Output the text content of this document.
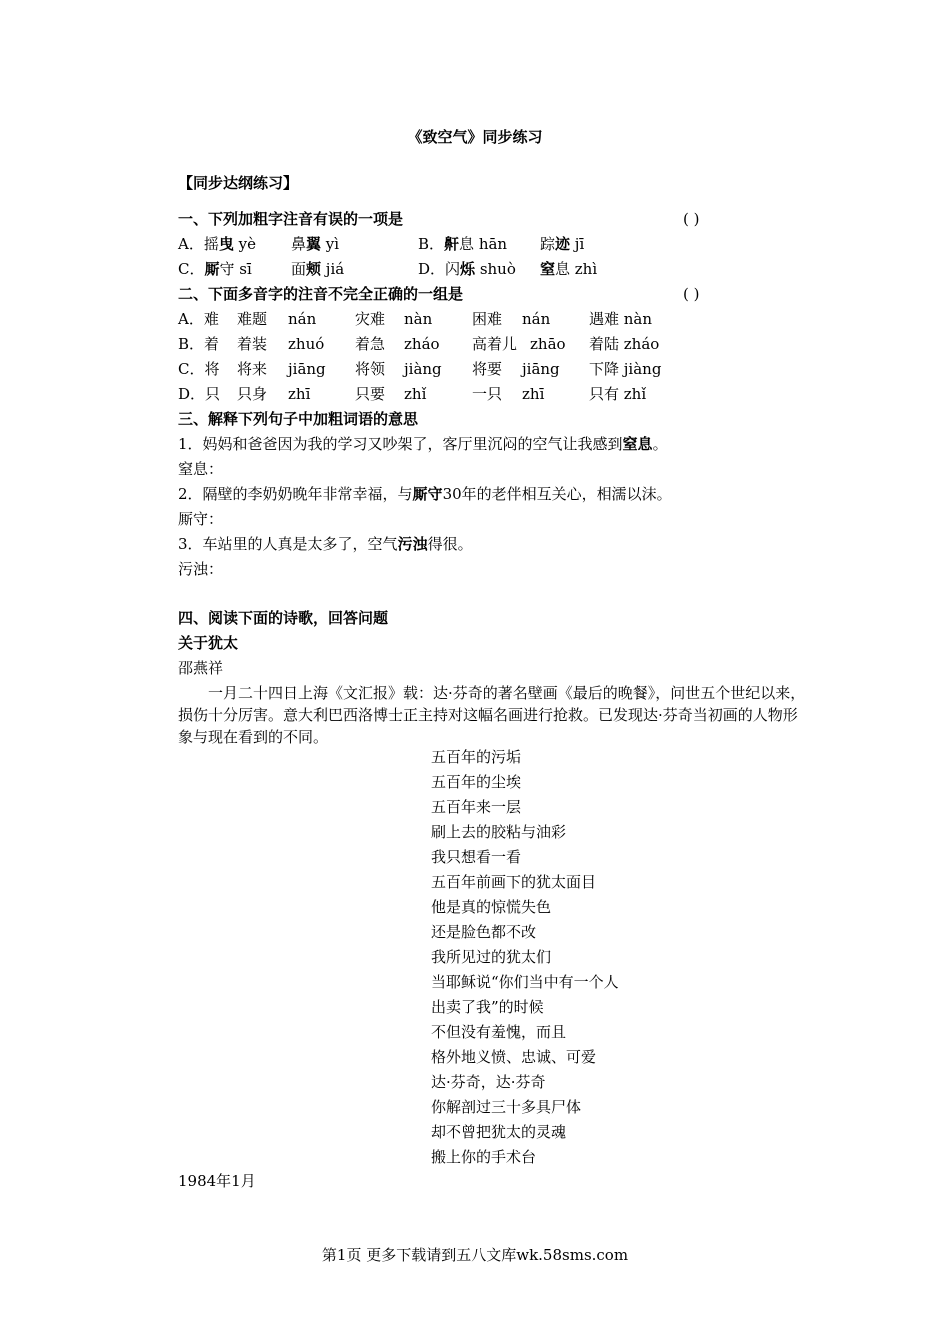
《致空气》同步练习
【同步达纲练习】
一、下列加粗字注音有误的一项是	( )
A．摇曳 yè 鼻翼 yì	B．鼾息 hān 踪迹 jī
C．厮守 sī	面颊 jiá	D．闪烁 shuò 窒息 zhì
二、下面多音字的注音不完全正确的一组是	( )
A．难 难题 nán	灾难 nàn	困难 nán	遇难 nàn
B．着 着装 zhuó 着急 zháo 高着儿 zhāo 着陆 zháo
C．将 将来 jiāng 将领 jiàng 将要 jiāng 下降 jiàng
D．只 只身 zhī	只要 zhǐ	一只 zhī	只有 zhǐ
三、解释下列句子中加粗词语的意思
1．妈妈和爸爸因为我的学习又吵架了，客厅里沉闷的空气让我感到窒息。
窒息：
2．隔壁的李奶奶晚年非常幸福，与厮守30年的老伴相互关心，相濡以沫。
厮守：
3．车站里的人真是太多了，空气污浊得很。
污浊：
四、阅读下面的诗歌，回答问题
关于犹太
邵燕祥
一月二十四日上海《文汇报》载：达·芬奇的著名壁画《最后的晚餐》，问世五个世纪以来，损伤十分厉害。意大利巴西洛博士正主持对这幅名画进行抢救。已发现达·芬奇当初画的人物形象与现在看到的不同。
五百年的污垢
五百年的尘埃
五百年来一层
刷上去的胶粘与油彩
我只想看一看
五百年前画下的犹太面目
他是真的惊慌失色
还是脸色都不改
我所见过的犹太们
当耶稣说“你们当中有一个人
出卖了我”的时候
不但没有羞愧，而且
格外地义愤、忠诚、可爱
达·芬奇，达·芬奇
你解剖过三十多具尸体
却不曾把犹太的灵魂
搬上你的手术台
1984年1月
第1页 更多下载请到五八文库wk.58sms.com
